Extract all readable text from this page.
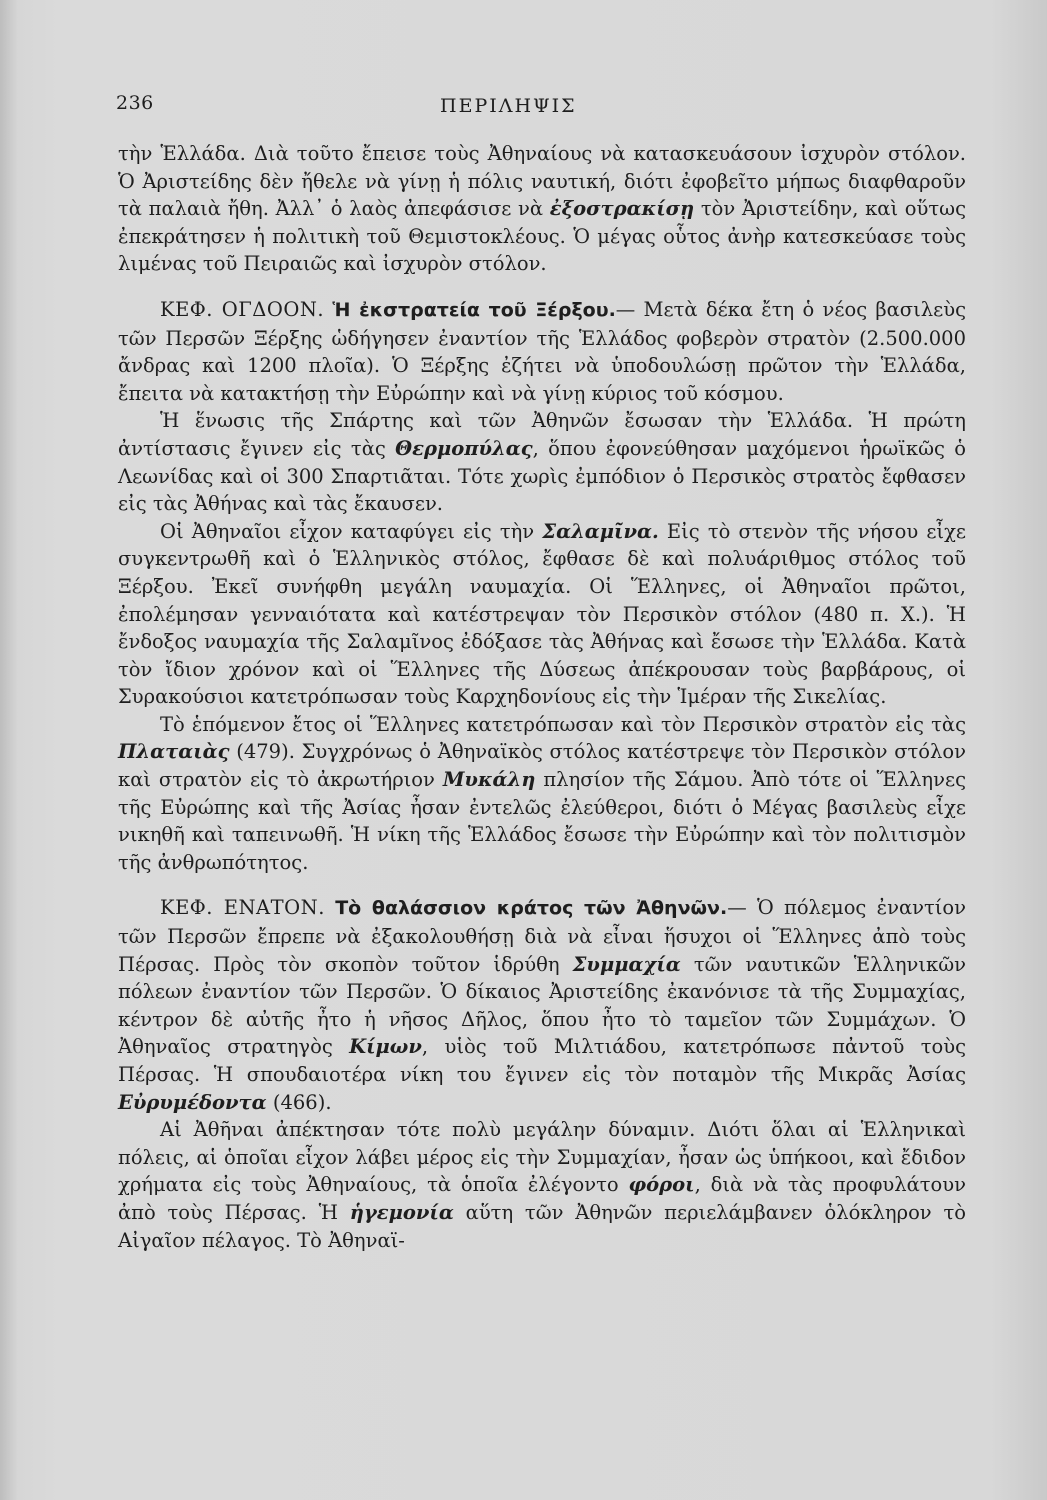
236	ΠΕΡΙΛΗΨΙΣ

τὴν Ἑλλάδα. Διὰ τοῦτο ἔπεισε τοὺς Ἀθηναίους νὰ κατασκευάσουν ἰσχυρὸν στόλον. Ὁ Ἀριστείδης δὲν ἤθελε νὰ γίνῃ ἡ πόλις ναυτική, διότι ἐφοβεῖτο μήπως διαφθαροῦν τὰ παλαιὰ ἤθη. Ἀλλ᾽ ὁ λαὸς ἀπεφάσισε νὰ ἐξοστρακίσῃ τὸν Ἀριστείδην, καὶ οὕτως ἐπεκράτησεν ἡ πολιτικὴ τοῦ Θεμιστοκλέους. Ὁ μέγας οὗτος ἀνὴρ κατεσκεύασε τοὺς λιμένας τοῦ Πειραιῶς καὶ ἰσχυρὸν στόλον.

ΚΕΦ. ΟΓΔΟΟΝ. Ἡ ἐκστρατεία τοῦ Ξέρξου.— Μετὰ δέκα ἔτη ὁ νέος βασιλεὺς τῶν Περσῶν Ξέρξης ὡδήγησεν ἐναντίον τῆς Ἑλλάδος φοβερὸν στρατὸν (2.500.000 ἄνδρας καὶ 1200 πλοῖα). Ὁ Ξέρξης ἐζήτει νὰ ὑποδουλώσῃ πρῶτον τὴν Ἑλλάδα, ἔπειτα νὰ κατακτήσῃ τὴν Εὐρώπην καὶ νὰ γίνῃ κύριος τοῦ κόσμου.

Ἡ ἕνωσις τῆς Σπάρτης καὶ τῶν Ἀθηνῶν ἔσωσαν τὴν Ἑλλάδα. Ἡ πρώτη ἀντίστασις ἔγινεν εἰς τὰς Θερμοπύλας, ὅπου ἐφονεύθησαν μαχόμενοι ἡρωϊκῶς ὁ Λεωνίδας καὶ οἱ 300 Σπαρτιᾶται. Τότε χωρὶς ἐμπόδιον ὁ Περσικὸς στρατὸς ἔφθασεν εἰς τὰς Ἀθήνας καὶ τὰς ἔκαυσεν.

Οἱ Ἀθηναῖοι εἶχον καταφύγει εἰς τὴν Σαλαμῖνα. Εἰς τὸ στενὸν τῆς νήσου εἶχε συγκεντρωθῆ καὶ ὁ Ἑλληνικὸς στόλος, ἔφθασε δὲ καὶ πολυάριθμος στόλος τοῦ Ξέρξου. Ἐκεῖ συνήφθη μεγάλη ναυμαχία. Οἱ Ἕλληνες, οἱ Ἀθηναῖοι πρῶτοι, ἐπολέμησαν γενναιότατα καὶ κατέστρεψαν τὸν Περσικὸν στόλον (480 π. Χ.). Ἡ ἔνδοξος ναυμαχία τῆς Σαλαμῖνος ἐδόξασε τὰς Ἀθήνας καὶ ἔσωσε τὴν Ἑλλάδα. Κατὰ τὸν ἴδιον χρόνον καὶ οἱ Ἕλληνες τῆς Δύσεως ἀπέκρουσαν τοὺς βαρβάρους, οἱ Συρακούσιοι κατετρόπωσαν τοὺς Καρχηδονίους εἰς τὴν Ἱμέραν τῆς Σικελίας.

Τὸ ἑπόμενον ἔτος οἱ Ἕλληνες κατετρόπωσαν καὶ τὸν Περσικὸν στρατὸν εἰς τὰς Πλαταιὰς (479). Συγχρόνως ὁ Ἀθηναϊκὸς στόλος κατέστρεψε τὸν Περσικὸν στόλον καὶ στρατὸν εἰς τὸ ἀκρωτήριον Μυκάλη πλησίον τῆς Σάμου. Ἀπὸ τότε οἱ Ἕλληνες τῆς Εὐρώπης καὶ τῆς Ἀσίας ἦσαν ἐντελῶς ἐλεύθεροι, διότι ὁ Μέγας βασιλεὺς εἶχε νικηθῆ καὶ ταπεινωθῆ. Ἡ νίκη τῆς Ἑλλάδος ἔσωσε τὴν Εὐρώπην καὶ τὸν πολιτισμὸν τῆς ἀνθρωπότητος.

ΚΕΦ. ΕΝΑΤΟΝ. Τὸ θαλάσσιον κράτος τῶν Ἀθηνῶν.— Ὁ πόλεμος ἐναντίον τῶν Περσῶν ἔπρεπε νὰ ἐξακολουθήσῃ διὰ νὰ εἶναι ἥσυχοι οἱ Ἕλληνες ἀπὸ τοὺς Πέρσας. Πρὸς τὸν σκοπὸν τοῦτον ἱδρύθη Συμμαχία τῶν ναυτικῶν Ἑλληνικῶν πόλεων ἐναντίον τῶν Περσῶν. Ὁ δίκαιος Ἀριστείδης ἐκανόνισε τὰ τῆς Συμμαχίας, κέντρον δὲ αὐτῆς ἦτο ἡ νῆσος Δῆλος, ὅπου ἦτο τὸ ταμεῖον τῶν Συμμάχων. Ὁ Ἀθηναῖος στρατηγὸς Κίμων, υἱὸς τοῦ Μιλτιάδου, κατετρόπωσε πἀντοῦ τοὺς Πέρσας. Ἡ σπουδαιοτέρα νίκη του ἔγινεν εἰς τὸν ποταμὸν τῆς Μικρᾶς Ἀσίας Εὐρυμέδοντα (466).

Αἱ Ἀθῆναι ἀπέκτησαν τότε πολὺ μεγάλην δύναμιν. Διότι ὅλαι αἱ Ἑλληνικαὶ πόλεις, αἱ ὁποῖαι εἶχον λάβει μέρος εἰς τὴν Συμμαχίαν, ἦσαν ὡς ὑπήκοοι, καὶ ἔδιδον χρήματα εἰς τοὺς Ἀθηναίους, τὰ ὁποῖα ἐλέγοντο φόροι, διὰ νὰ τὰς προφυλάτουν ἀπὸ τοὺς Πέρσας. Ἡ ἡγεμονία αὕτη τῶν Ἀθηνῶν περιελάμβανεν ὁλόκληρον τὸ Αἰγαῖον πέλαγος. Τὸ Ἀθηναϊ-
